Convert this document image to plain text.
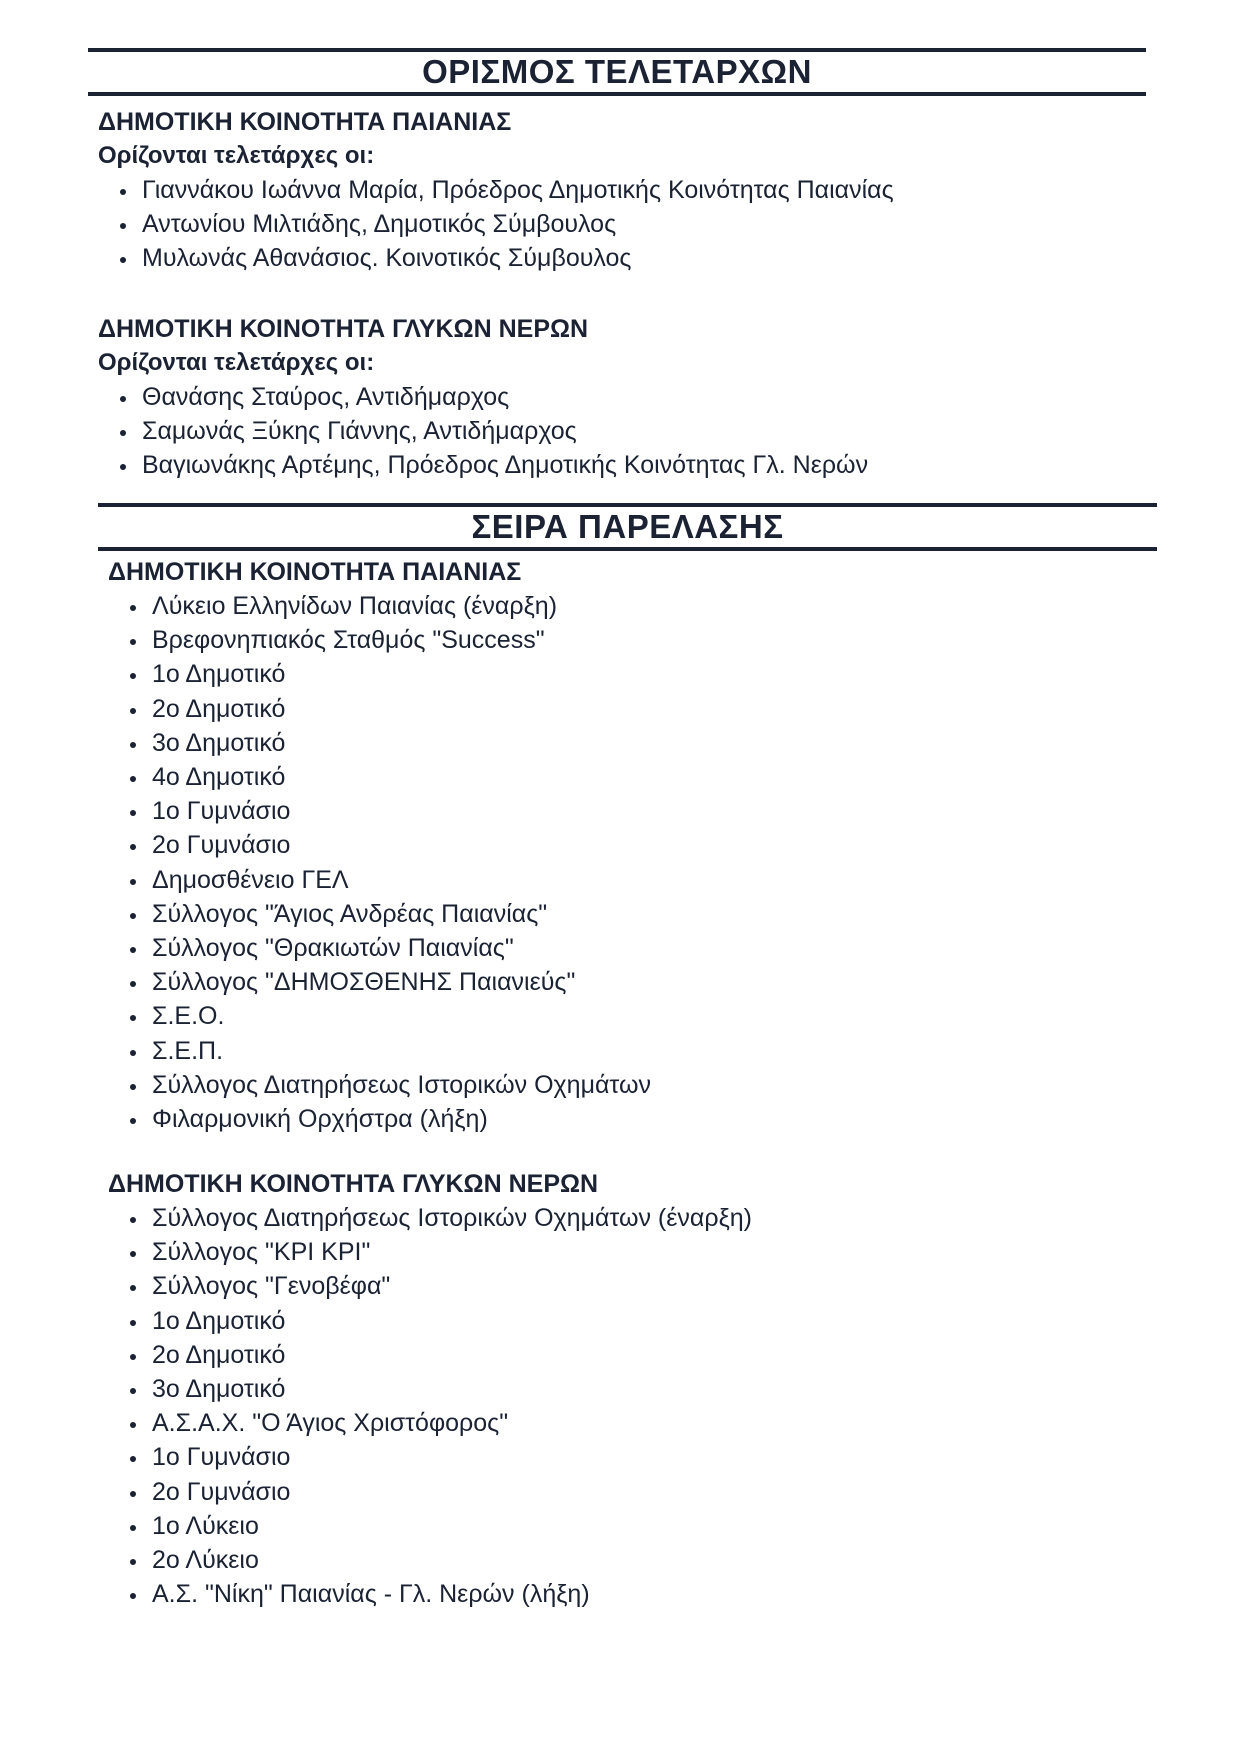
ΟΡΙΣΜΟΣ ΤΕΛΕΤΑΡΧΩΝ

ΔΗΜΟΤΙΚΗ ΚΟΙΝΟΤΗΤΑ ΠΑΙΑΝΙΑΣ

Ορίζονται τελετάρχες οι:

Γιαννάκου Ιωάννα Μαρία, Πρόεδρος Δημοτικής Κοινότητας Παιανίας
Αντωνίου Μιλτιάδης, Δημοτικός Σύμβουλος
Μυλωνάς Αθανάσιος. Κοινοτικός Σύμβουλος

ΔΗΜΟΤΙΚΗ ΚΟΙΝΟΤΗΤΑ ΓΛΥΚΩΝ ΝΕΡΩΝ

Ορίζονται τελετάρχες οι:

Θανάσης Σταύρος, Αντιδήμαρχος
Σαμωνάς Ξύκης Γιάννης, Αντιδήμαρχος
Βαγιωνάκης Αρτέμης, Πρόεδρος Δημοτικής Κοινότητας Γλ. Νερών
ΣΕΙΡΑ ΠΑΡΕΛΑΣΗΣ

ΔΗΜΟΤΙΚΗ ΚΟΙΝΟΤΗΤΑ ΠΑΙΑΝΙΑΣ

Λύκειο Ελληνίδων Παιανίας (έναρξη)
Βρεφονηπιακός Σταθμός "Success"
1ο Δημοτικό
2ο Δημοτικό
3ο Δημοτικό
4ο Δημοτικό
1ο Γυμνάσιο
2ο Γυμνάσιο
Δημοσθένειο ΓΕΛ
Σύλλογος "Άγιος Ανδρέας Παιανίας"
Σύλλογος "Θρακιωτών Παιανίας"
Σύλλογος "ΔΗΜΟΣΘΕΝΗΣ Παιανιεύς"
Σ.Ε.Ο.
Σ.Ε.Π.
Σύλλογος Διατηρήσεως Ιστορικών Οχημάτων
Φιλαρμονική Ορχήστρα (λήξη)

ΔΗΜΟΤΙΚΗ ΚΟΙΝΟΤΗΤΑ ΓΛΥΚΩΝ ΝΕΡΩΝ

Σύλλογος Διατηρήσεως Ιστορικών Οχημάτων (έναρξη)
Σύλλογος "ΚΡΙ ΚΡΙ"
Σύλλογος "Γενοβέφα"
1ο Δημοτικό
2ο Δημοτικό
3ο Δημοτικό
Α.Σ.Α.Χ. "Ο Άγιος Χριστόφορος"
1ο Γυμνάσιο
2ο Γυμνάσιο
1ο Λύκειο
2ο Λύκειο
Α.Σ. "Νίκη" Παιανίας - Γλ. Νερών (λήξη)
